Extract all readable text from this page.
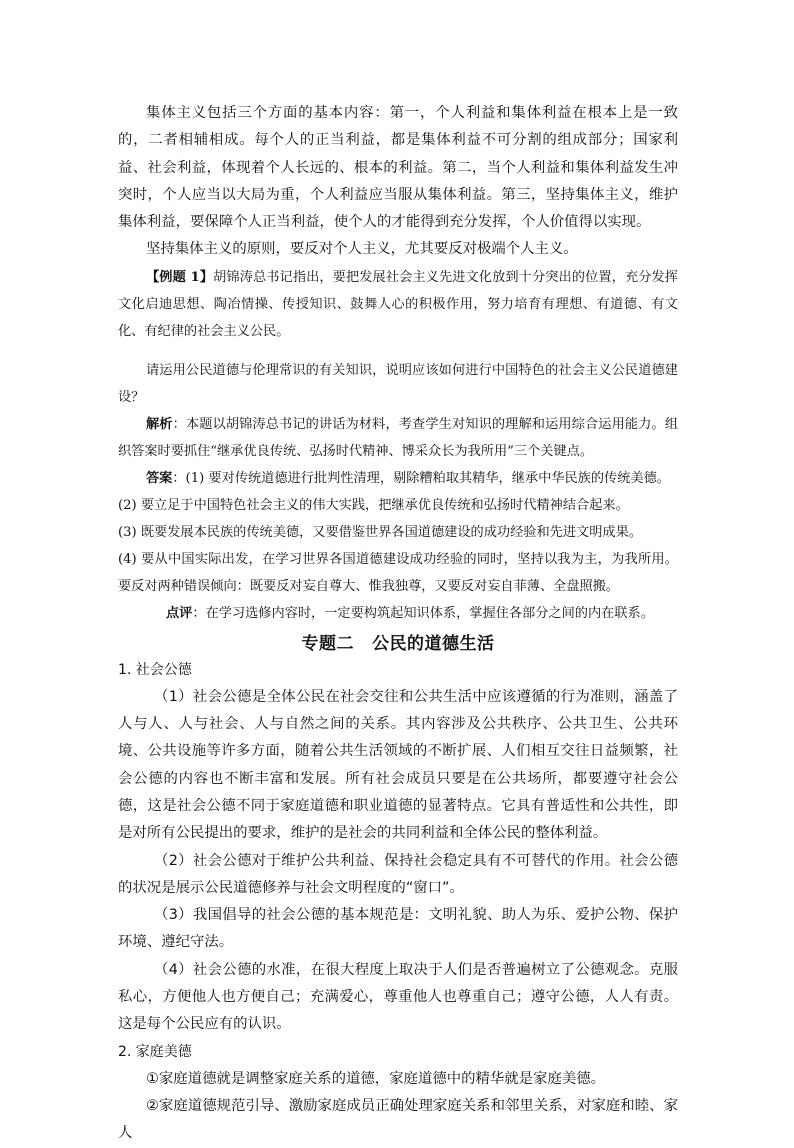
集体主义包括三个方面的基本内容：第一，个人利益和集体利益在根本上是一致的，二者相辅相成。每个人的正当利益，都是集体利益不可分割的组成部分；国家利益、社会利益，体现着个人长远的、根本的利益。第二，当个人利益和集体利益发生冲突时，个人应当以大局为重，个人利益应当服从集体利益。第三，坚持集体主义，维护集体利益，要保障个人正当利益，使个人的才能得到充分发挥，个人价值得以实现。

坚持集体主义的原则，要反对个人主义，尤其要反对极端个人主义。

【例题 1】胡锦涛总书记指出，要把发展社会主义先进文化放到十分突出的位置，充分发挥文化启迪思想、陶冶情操、传授知识、鼓舞人心的积极作用，努力培育有理想、有道德、有文化、有纪律的社会主义公民。

请运用公民道德与伦理常识的有关知识，说明应该如何进行中国特色的社会主义公民道德建设？

解析：本题以胡锦涛总书记的讲话为材料，考查学生对知识的理解和运用综合运用能力。组织答案时要抓住“继承优良传统、弘扬时代精神、博采众长为我所用”三个关键点。

答案：(1) 要对传统道德进行批判性清理，剔除糟粕取其精华，继承中华民族的传统美德。

(2) 要立足于中国特色社会主义的伟大实践，把继承优良传统和弘扬时代精神结合起来。

(3) 既要发展本民族的传统美德，又要借鉴世界各国道德建设的成功经验和先进文明成果。

(4) 要从中国实际出发，在学习世界各国道德建设成功经验的同时，坚持以我为主，为我所用。要反对两种错误倾向：既要反对妄自尊大、惟我独尊，又要反对妄自菲薄、全盘照搬。

点评：在学习选修内容时，一定要构筑起知识体系，掌握住各部分之间的内在联系。

专题二 公民的道德生活

1. 社会公德

（1）社会公德是全体公民在社会交往和公共生活中应该遵循的行为准则，涵盖了人与人、人与社会、人与自然之间的关系。其内容涉及公共秩序、公共卫生、公共环境、公共设施等许多方面，随着公共生活领域的不断扩展、人们相互交往日益频繁，社会公德的内容也不断丰富和发展。所有社会成员只要是在公共场所，都要遵守社会公德，这是社会公德不同于家庭道德和职业道德的显著特点。它具有普适性和公共性，即是对所有公民提出的要求，维护的是社会的共同利益和全体公民的整体利益。

（2）社会公德对于维护公共利益、保持社会稳定具有不可替代的作用。社会公德的状况是展示公民道德修养与社会文明程度的“窗口”。

（3）我国倡导的社会公德的基本规范是：文明礼貌、助人为乐、爱护公物、保护环境、遵纪守法。

（4）社会公德的水准，在很大程度上取决于人们是否普遍树立了公德观念。克服私心，方便他人也方便自己；充满爱心，尊重他人也尊重自己；遵守公德，人人有责。这是每个公民应有的认识。

2. 家庭美德

①家庭道德就是调整家庭关系的道德，家庭道德中的精华就是家庭美德。

②家庭道德规范引导、激励家庭成员正确处理家庭关系和邻里关系，对家庭和睦、家人
